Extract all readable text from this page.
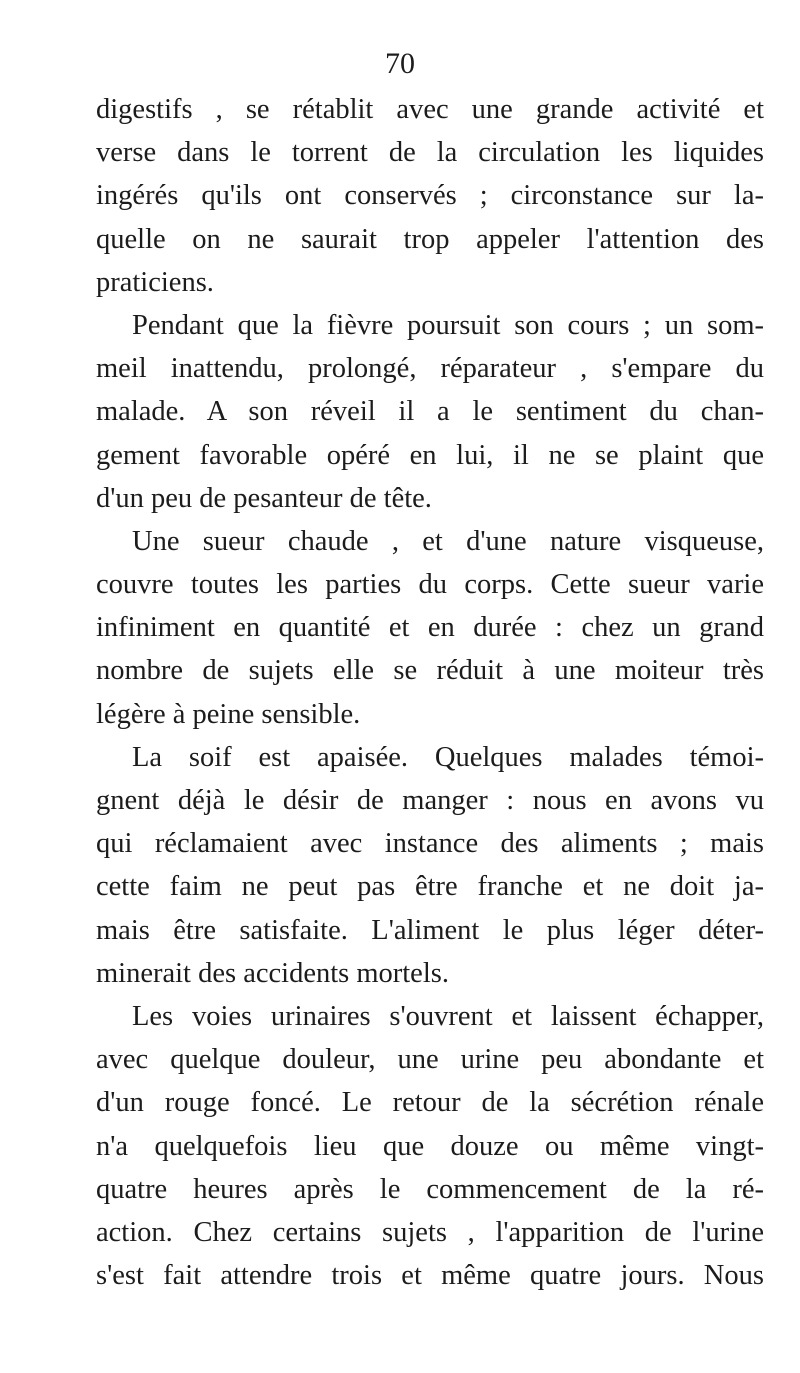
70
digestifs , se rétablit avec une grande activité et
verse dans le torrent de la circulation les liquides
ingérés qu'ils ont conservés ; circonstance sur la-
quelle on ne saurait trop appeler l'attention des
praticiens.
Pendant que la fièvre poursuit son cours ; un som-
meil inattendu, prolongé, réparateur , s'empare du
malade. A son réveil il a le sentiment du chan-
gement favorable opéré en lui, il ne se plaint que
d'un peu de pesanteur de tête.
Une sueur chaude , et d'une nature visqueuse,
couvre toutes les parties du corps. Cette sueur varie
infiniment en quantité et en durée : chez un grand
nombre de sujets elle se réduit à une moiteur très
légère à peine sensible.
La soif est apaisée. Quelques malades témoi-
gnent déjà le désir de manger : nous en avons vu
qui réclamaient avec instance des aliments ; mais
cette faim ne peut pas être franche et ne doit ja-
mais être satisfaite. L'aliment le plus léger déter-
minerait des accidents mortels.
Les voies urinaires s'ouvrent et laissent échapper,
avec quelque douleur, une urine peu abondante et
d'un rouge foncé. Le retour de la sécrétion rénale
n'a quelquefois lieu que douze ou même vingt-
quatre heures après le commencement de la ré-
action. Chez certains sujets , l'apparition de l'urine
s'est fait attendre trois et même quatre jours. Nous
